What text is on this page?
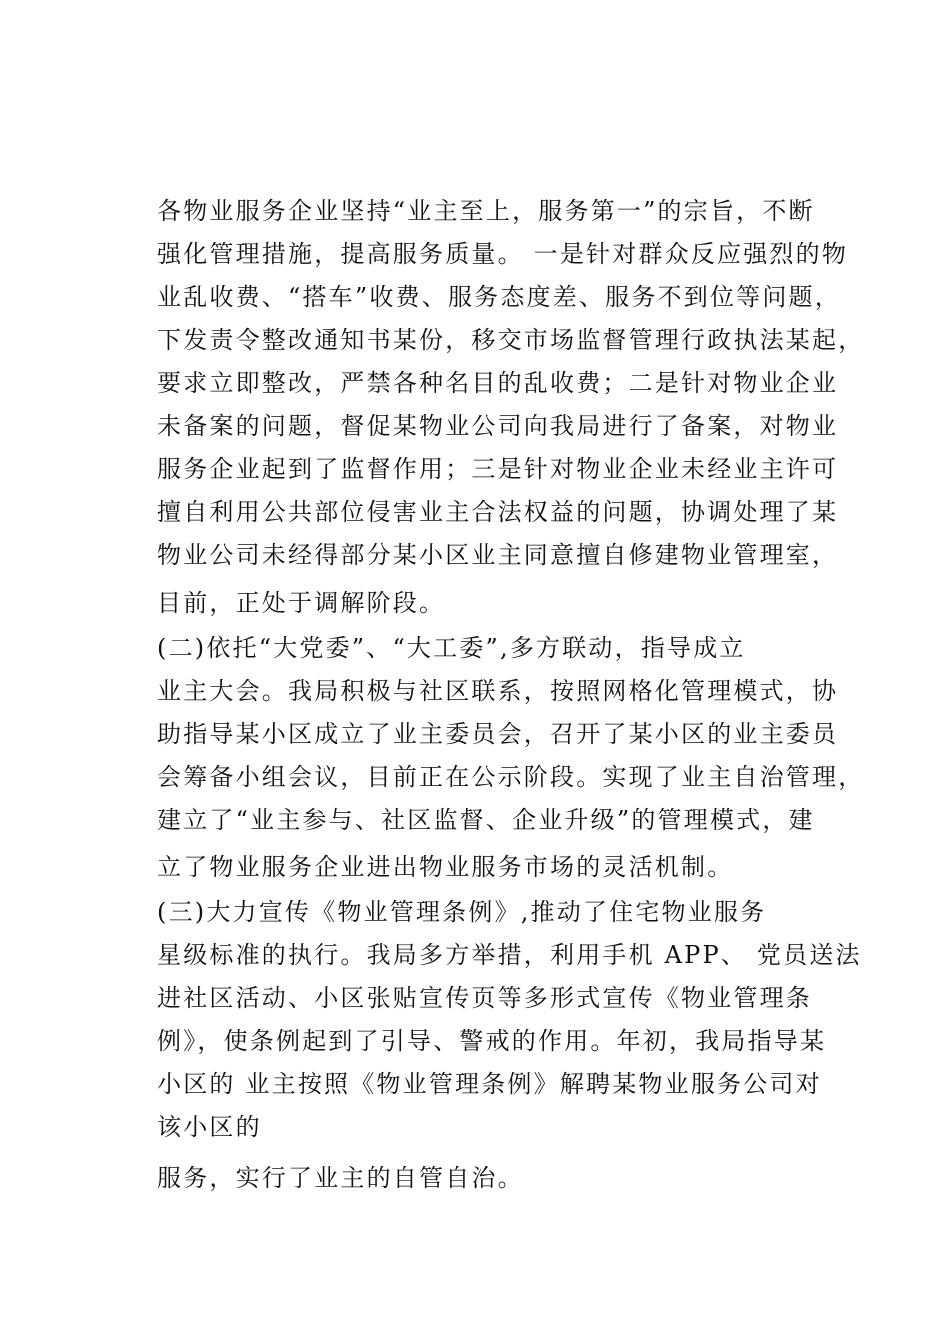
各物业服务企业坚持“业主至上，服务第一”的宗旨，不断
强化管理措施，提高服务质量。 一是针对群众反应强烈的物
业乱收费、“搭车”收费、服务态度差、服务不到位等问题，
下发责令整改通知书某份，移交市场监督管理行政执法某起，
要求立即整改，严禁各种名目的乱收费；二是针对物业企业
未备案的问题，督促某物业公司向我局进行了备案，对物业
服务企业起到了监督作用；三是针对物业企业未经业主许可
擅自利用公共部位侵害业主合法权益的问题，协调处理了某
物业公司未经得部分某小区业主同意擅自修建物业管理室，
目前，正处于调解阶段。
(二)依托“大党委”、“大工委”,多方联动，指导成立
业主大会。我局积极与社区联系，按照网格化管理模式，协
助指导某小区成立了业主委员会，召开了某小区的业主委员
会筹备小组会议，目前正在公示阶段。实现了业主自治管理，
建立了“业主参与、社区监督、企业升级”的管理模式，建
立了物业服务企业进出物业服务市场的灵活机制。
(三)大力宣传《物业管理条例》,推动了住宅物业服务
星级标准的执行。我局多方举措，利用手机 APP、 党员送法
进社区活动、小区张贴宣传页等多形式宣传《物业管理条
例》，使条例起到了引导、警戒的作用。年初，我局指导某
小区的 业主按照《物业管理条例》解聘某物业服务公司对
该小区的
服务，实行了业主的自管自治。
